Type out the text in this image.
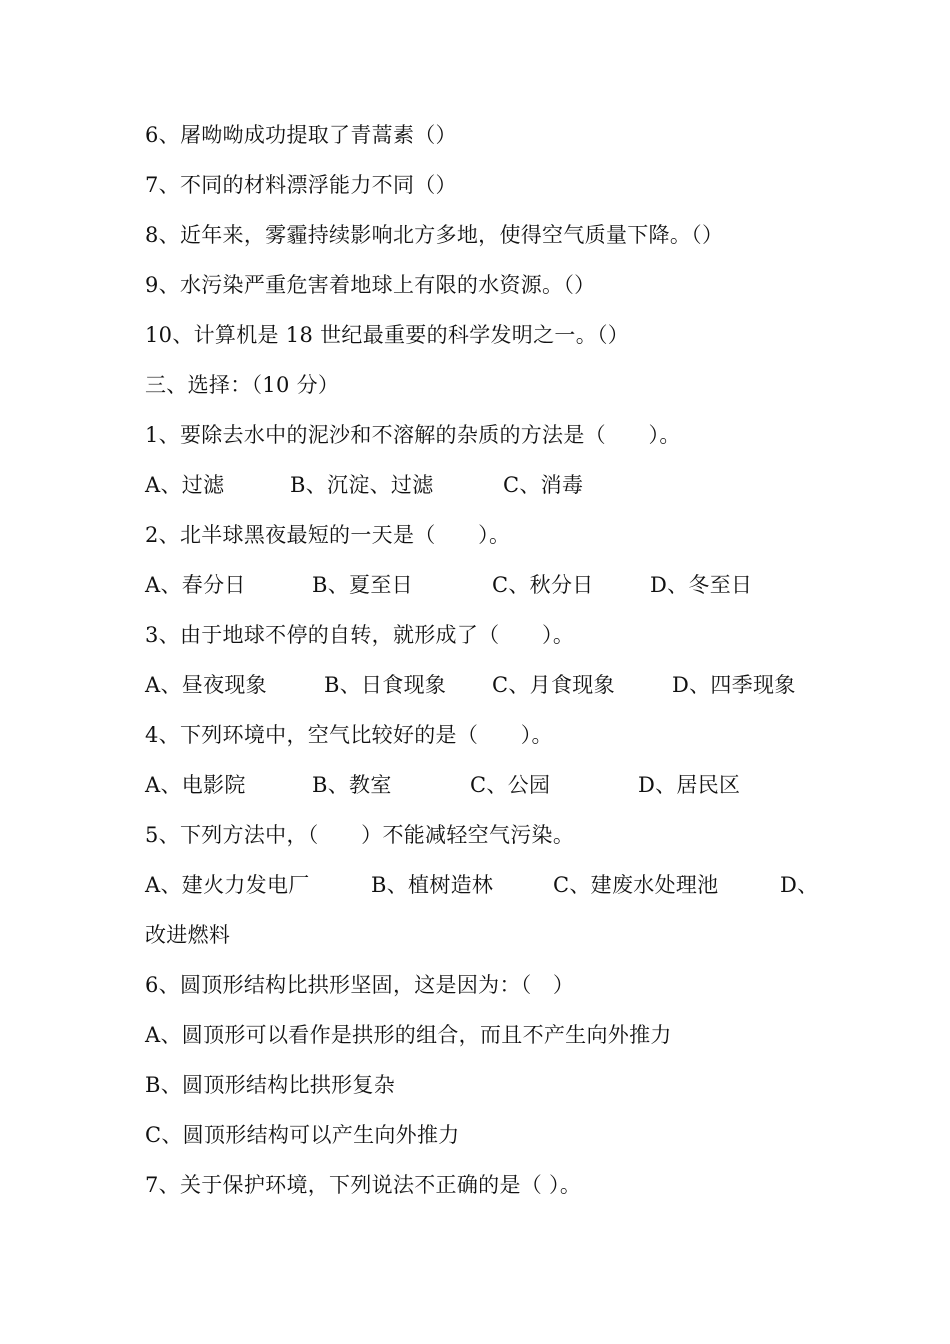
6、屠呦呦成功提取了青蒿素（）
7、不同的材料漂浮能力不同（）
8、近年来，雾霾持续影响北方多地，使得空气质量下降。（）
9、水污染严重危害着地球上有限的水资源。（）
10、计算机是 18 世纪最重要的科学发明之一。（）
三、选择：（10 分）
1、要除去水中的泥沙和不溶解的杂质的方法是（　　）。
A、过滤	B、沉淀、过滤	C、消毒
2、北半球黑夜最短的一天是（　　）。
A、春分日	B、夏至日	C、秋分日	D、冬至日
3、由于地球不停的自转，就形成了（　　）。
A、昼夜现象	B、日食现象 C、月食现象	D、四季现象
4、下列环境中，空气比较好的是（　　）。
A、电影院	B、教室	C、公园	D、居民区
5、下列方法中，（　　）不能减轻空气污染。
A、建火力发电厂	B、植树造林	C、建废水处理池	D、
改进燃料
6、圆顶形结构比拱形坚固，这是因为：（　）
A、圆顶形可以看作是拱形的组合，而且不产生向外推力
B、圆顶形结构比拱形复杂
C、圆顶形结构可以产生向外推力
7、关于保护环境，下列说法不正确的是（ ）。
